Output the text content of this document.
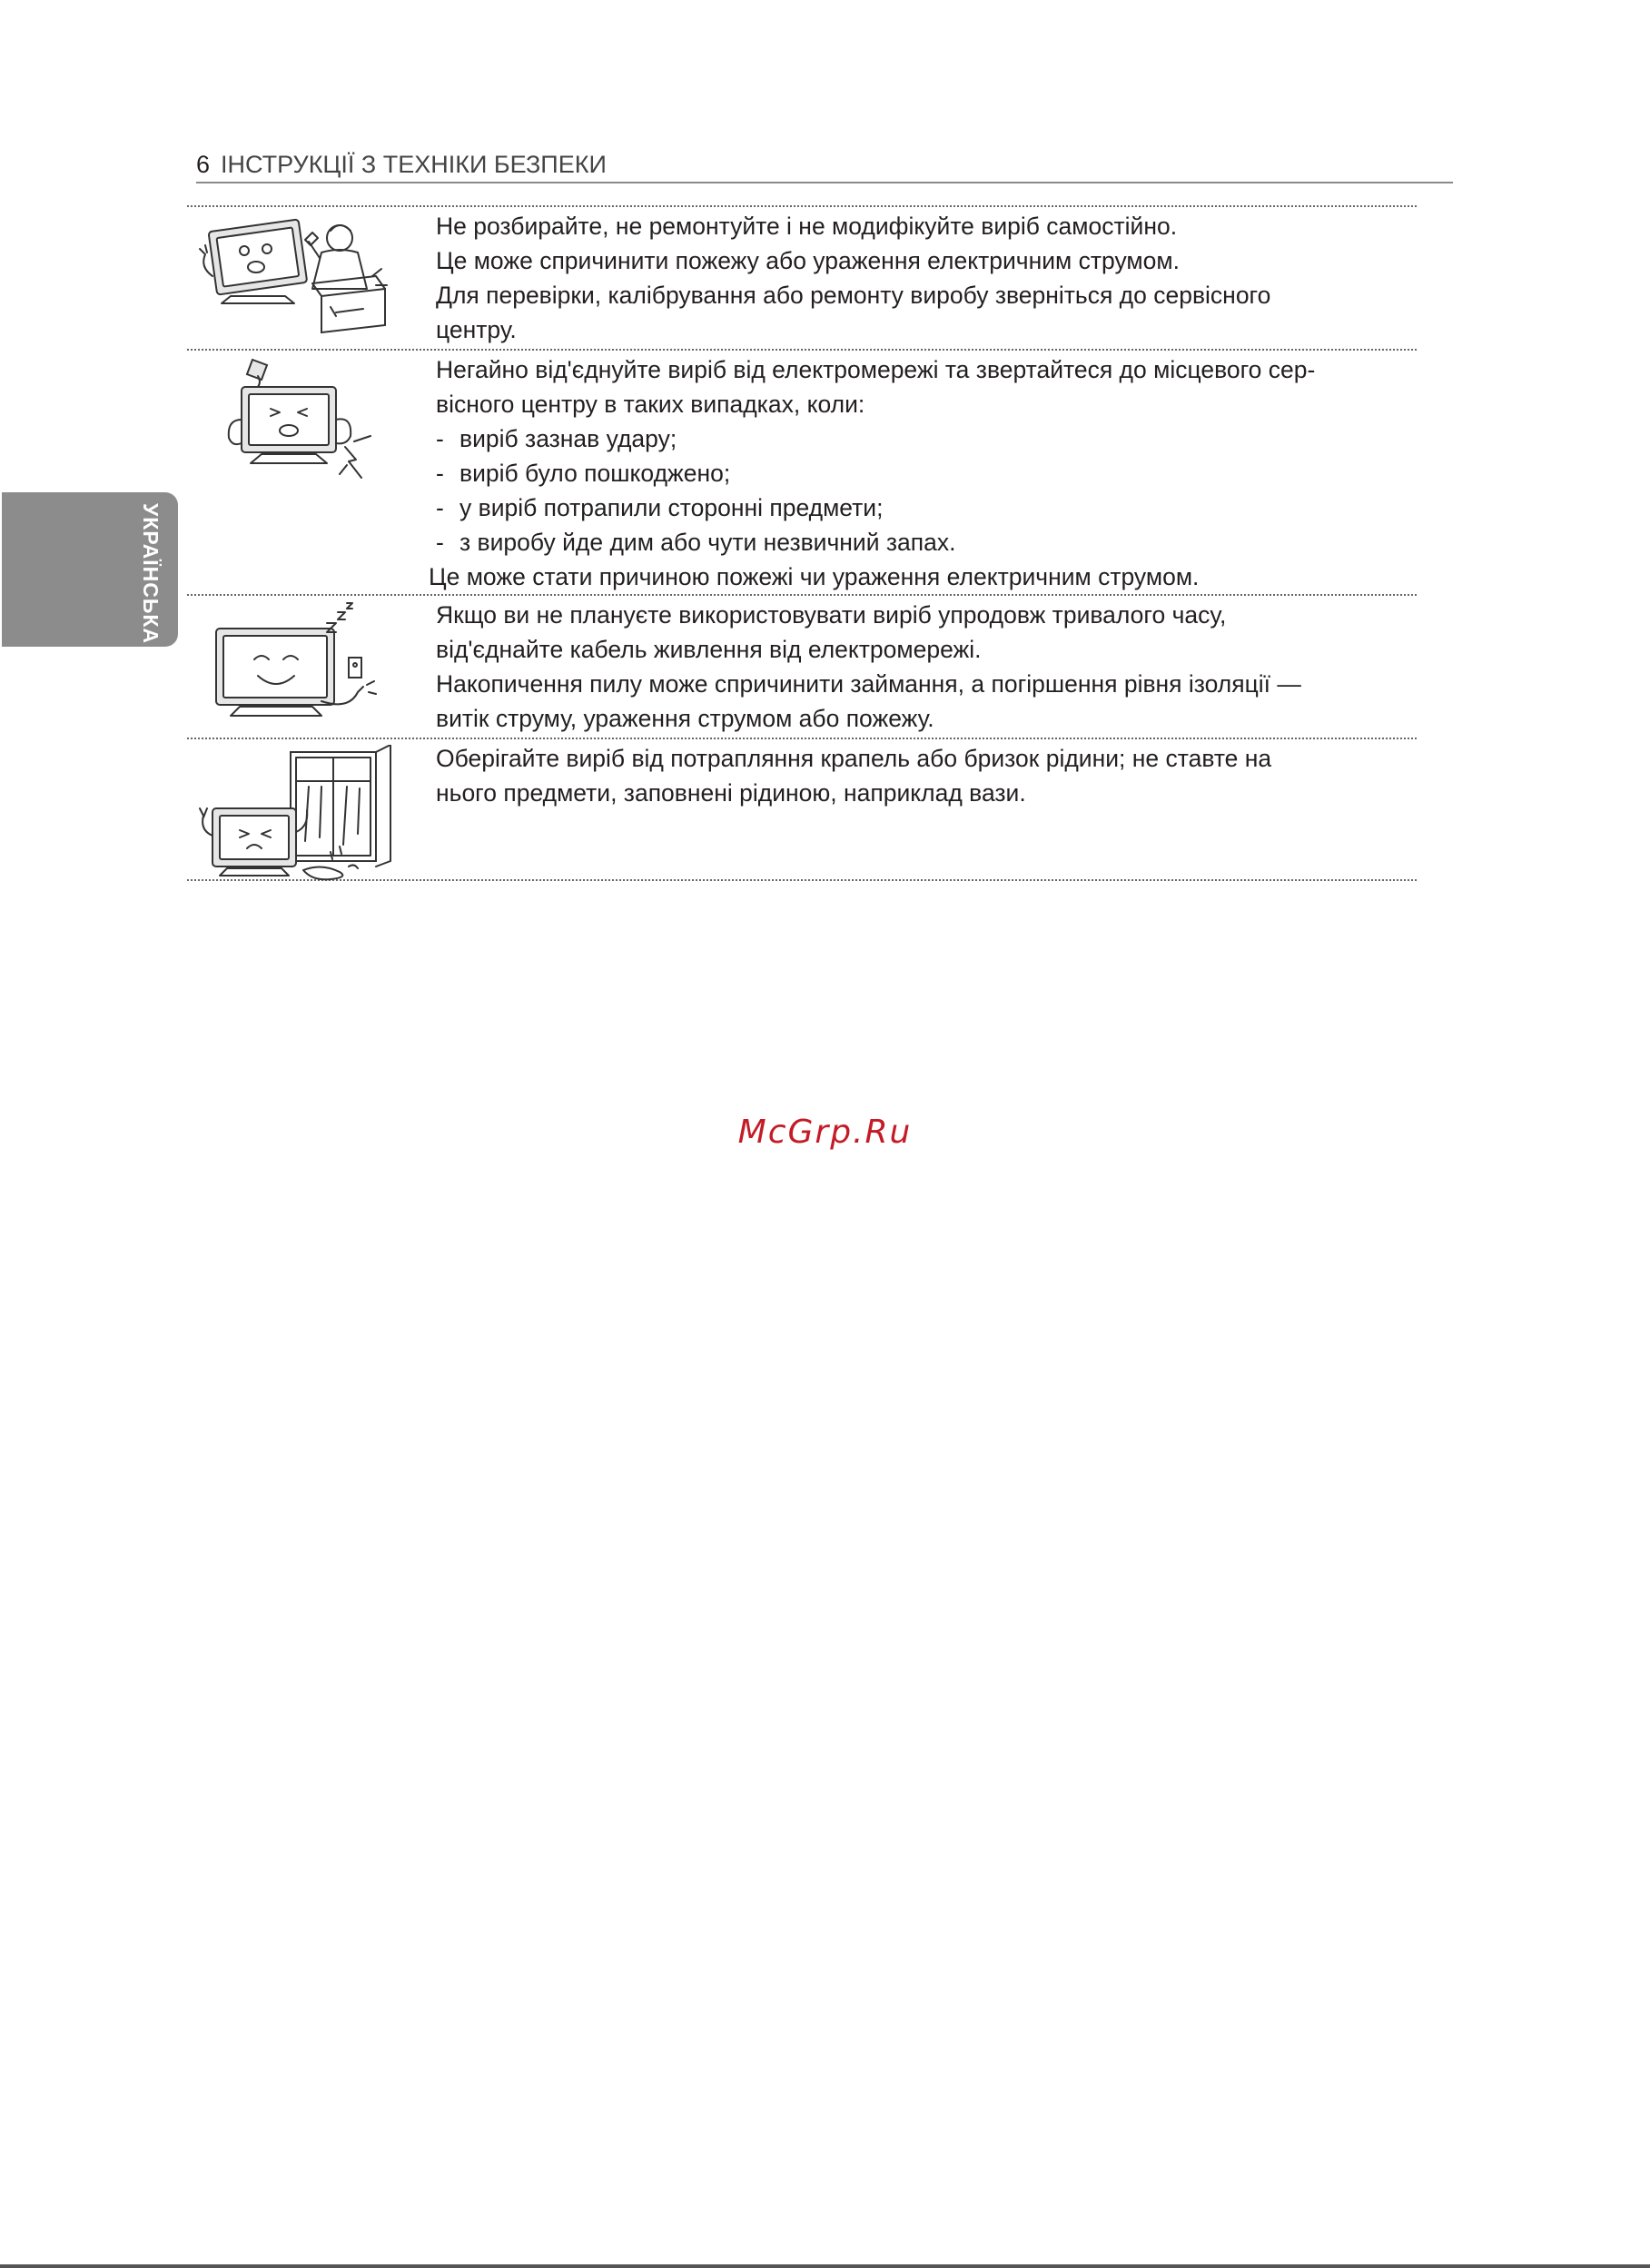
6 ІНСТРУКЦІЇ З ТЕХНІКИ БЕЗПЕКИ
УКРАЇНСЬКА

Не розбирайте, не ремонтуйте і не модифікуйте виріб самостійно.

Це може спричинити пожежу або ураження електричним струмом.

Для перевірки, калібрування або ремонту виробу зверніться до сервісного

центру.

Негайно від'єднуйте виріб від електромережі та звертайтеся до місцевого сер-

вісного центру в таких випадках, коли:

- виріб зазнав удару;

- виріб було пошкоджено;

- у виріб потрапили сторонні предмети;

- з виробу йде дим або чути незвичний запах.

Це може стати причиною пожежі чи ураження електричним струмом.

Якщо ви не плануєте використовувати виріб упродовж тривалого часу,

від'єднайте кабель живлення від електромережі.

Накопичення пилу може спричинити займання, а погіршення рівня ізоляції —

витік струму, ураження струмом або пожежу.

Оберігайте виріб від потрапляння крапель або бризок рідини; не ставте на

нього предмети, заповнені рідиною, наприклад вази.

McGrp.Ru
